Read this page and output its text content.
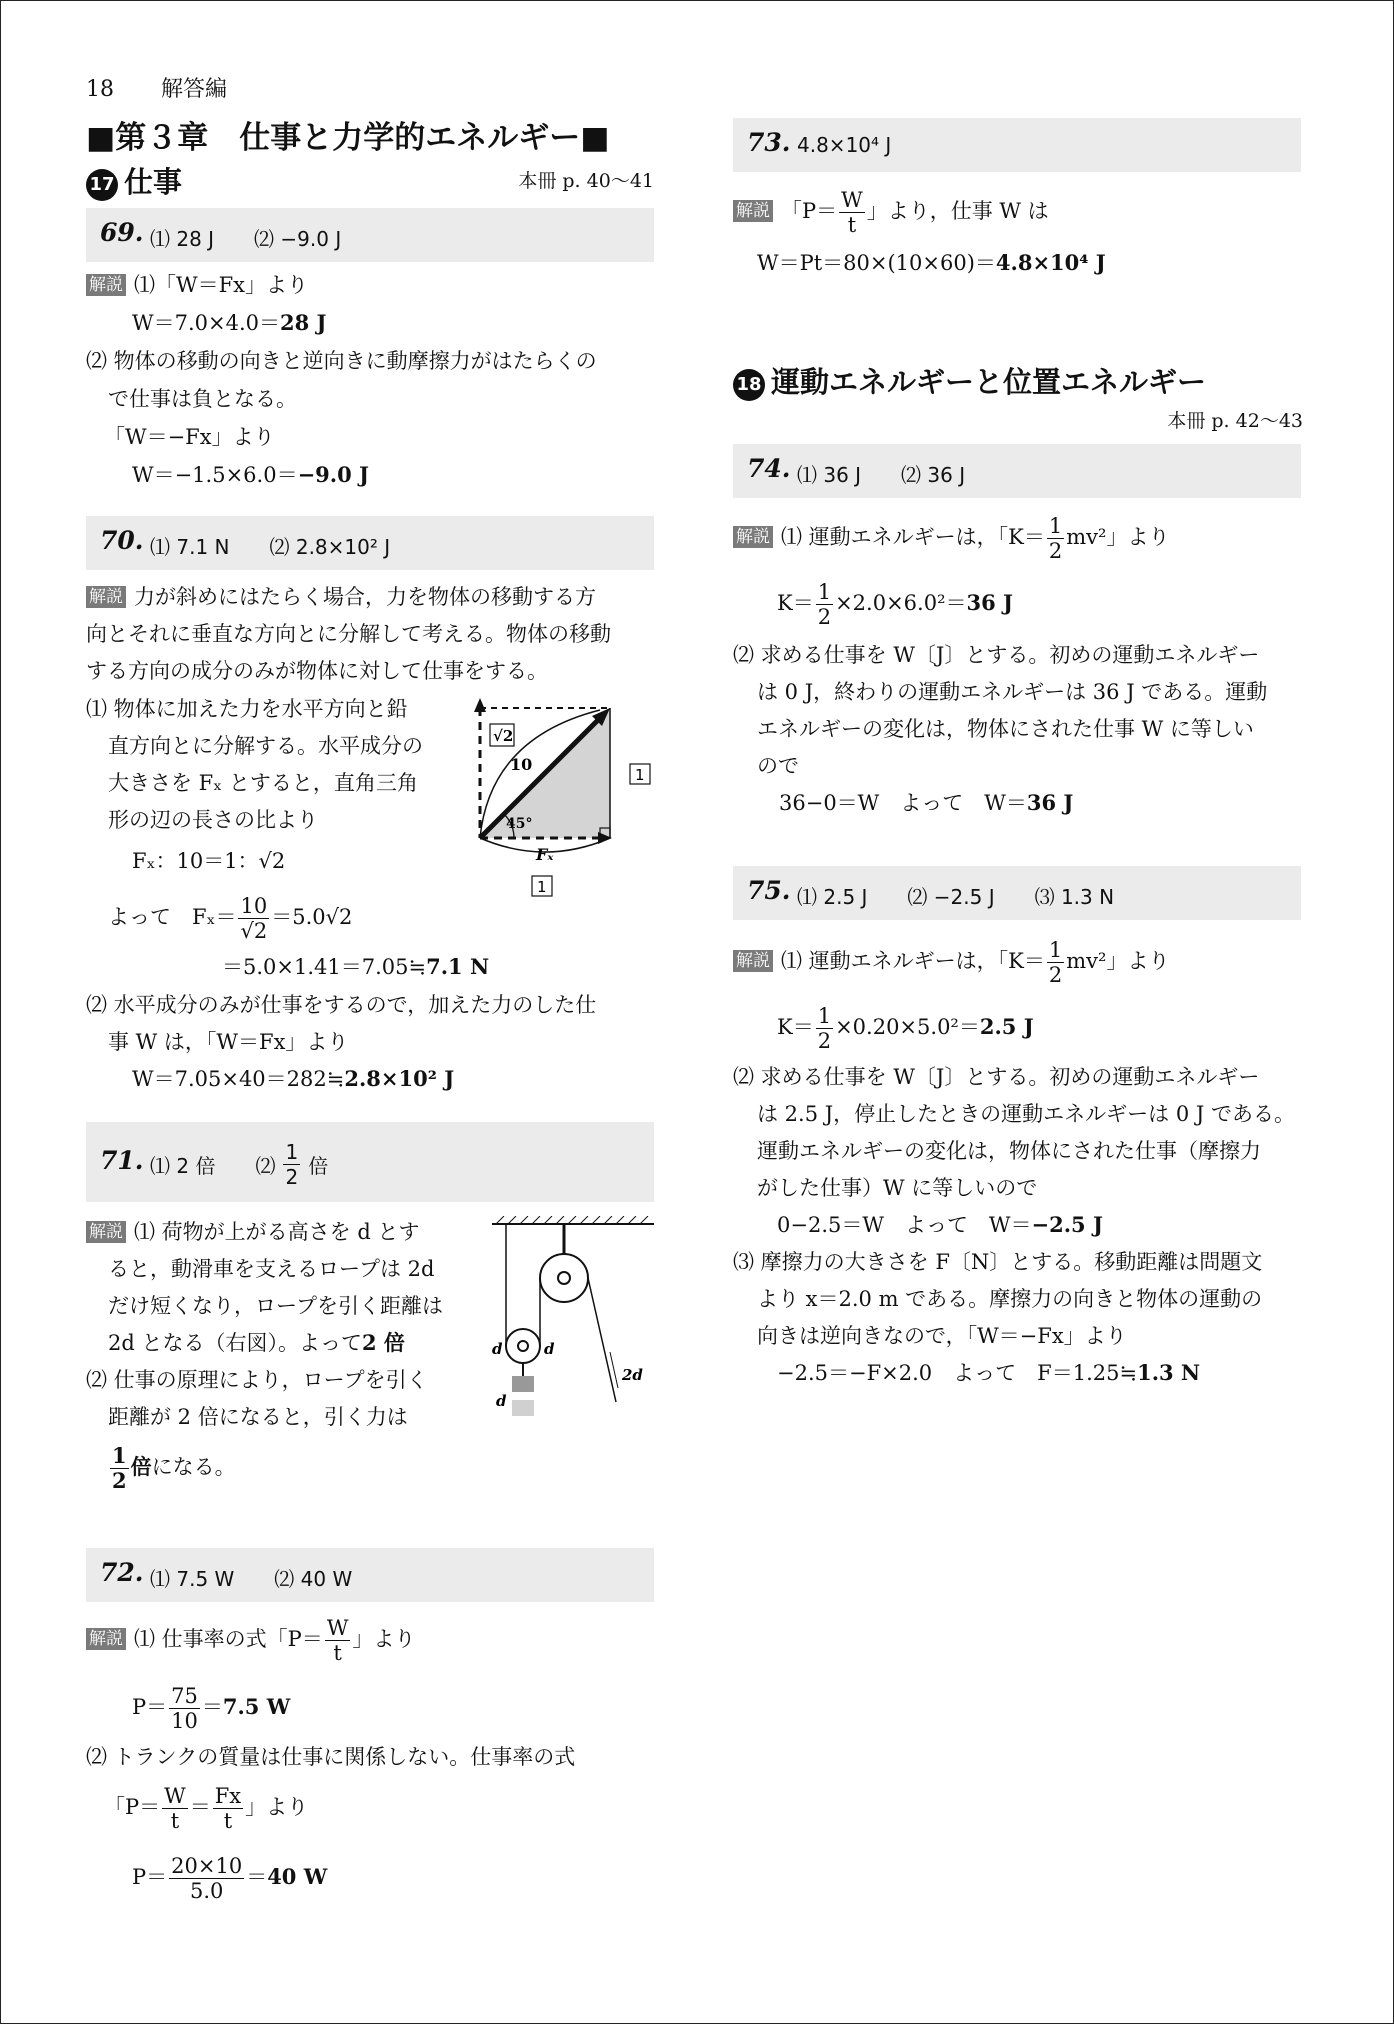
18 解答編
■第３章　仕事と力学的エネルギー■
17 仕事	本冊 p. 40〜41
69. ⑴ 28 J　　⑵ −9.0 J
解説 ⑴「W＝Fx」より
W＝7.0×4.0＝28 J
⑵ 物体の移動の向きと逆向きに動摩擦力がはたらくの
で仕事は負となる。
「W＝−Fx」より
W＝−1.5×6.0＝−9.0 J
70. ⑴ 7.1 N　　⑵ 2.8×10² J
解説 力が斜めにはたらく場合，力を物体の移動する方
向とそれに垂直な方向とに分解して考える。物体の移動
する方向の成分のみが物体に対して仕事をする。
⑴ 物体に加えた力を水平方向と鉛
直方向とに分解する。水平成分の
大きさを Fₓ とすると，直角三角
形の辺の長さの比より
Fₓ：10＝1：√2
よって　$F_x= \frac{10}{√2} =5.0√2$
＝5.0×1.41＝7.05≒7.1 N
⑵ 水平成分のみが仕事をするので，加えた力のした仕
事 W は，「W＝Fx」より
W＝7.05×40＝282≒2.8×10² J
√2
10
1
45°
Fₓ
1
71. ⑴ 2 倍　　⑵ $\frac{1}{2}$ 倍
解説 ⑴ 荷物が上がる高さを d とす
ると，動滑車を支えるロープは 2d
だけ短くなり，ロープを引く距離は
2d となる（右図）。よって2 倍
⑵ 仕事の原理により，ロープを引く
距離が 2 倍になると，引く力は
$\frac{1}{2}$ 倍になる。
d	d
d
2d
72. ⑴ 7.5 W　　⑵ 40 W
解説 ⑴ 仕事率の式「$P= \frac{W}{t}$ 」より
$P= \frac{75}{10} =7.5$ W
⑵ トランクの質量は仕事に関係しない。仕事率の式
「$P= \frac{W}{t} = \frac{Fx}{t}$ 」より
$P= \frac{20\times 10}{5.0} =40$ W
73. 4.8×10⁴ J
解説 「$P= \frac{W}{t}$ 」より，仕事 W は
W＝Pt＝80×(10×60)＝4.8×10⁴ J
18 運動エネルギーと位置エネルギー
本冊 p. 42〜43
74. ⑴ 36 J　　⑵ 36 J
解説 ⑴ 運動エネルギーは，「$K= \frac{1}{2} mv^2$」より
$K= \frac{1}{2} \times 2.0\times 6.0^2=36$ J
⑵ 求める仕事を W〔J〕とする。初めの運動エネルギー
は 0 J，終わりの運動エネルギーは 36 J である。運動
エネルギーの変化は，物体にされた仕事 W に等しい
ので
36−0＝W　よって　W＝36 J
75. ⑴ 2.5 J　　⑵ −2.5 J　　⑶ 1.3 N
解説 ⑴ 運動エネルギーは，「$K= \frac{1}{2} mv^2$」より
$K= \frac{1}{2} \times 0.20\times 5.0^2=2.5$ J
⑵ 求める仕事を W〔J〕とする。初めの運動エネルギー
は 2.5 J，停止したときの運動エネルギーは 0 J である。
運動エネルギーの変化は，物体にされた仕事（摩擦力
がした仕事）W に等しいので
0−2.5＝W　よって　W＝−2.5 J
⑶ 摩擦力の大きさを F〔N〕とする。移動距離は問題文
より x＝2.0 m である。摩擦力の向きと物体の運動の
向きは逆向きなので，「W＝−Fx」より
−2.5＝−F×2.0　よって　F＝1.25≒1.3 N
